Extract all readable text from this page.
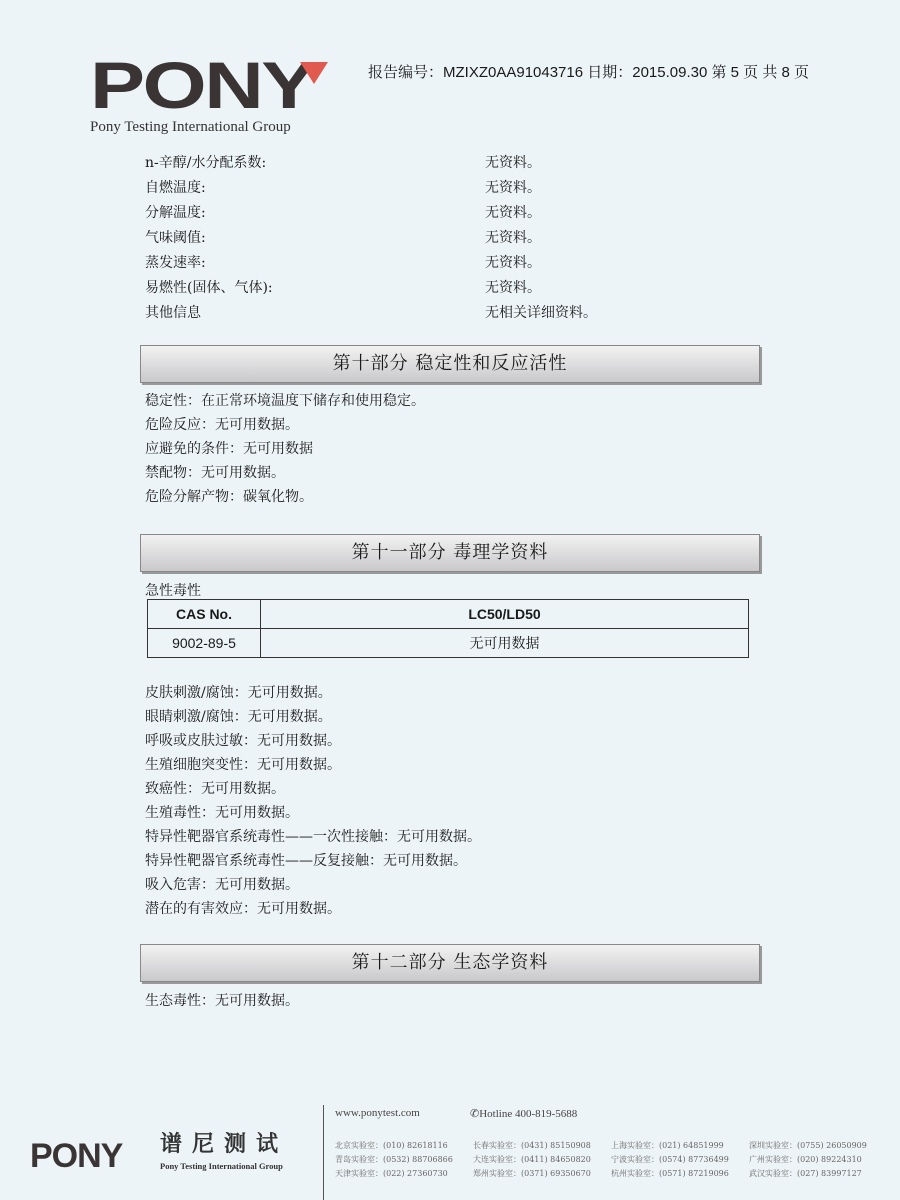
PONY
Pony Testing International Group
报告编号：MZIXZ0AA91043716 日期：2015.09.30 第 5 页 共 8 页
n-辛醇/水分配系数:	无资料。
自燃温度:	无资料。
分解温度:	无资料。
气味阈值:	无资料。
蒸发速率:	无资料。
易燃性(固体、气体):	无资料。
其他信息	无相关详细资料。
第十部分 稳定性和反应活性
稳定性：在正常环境温度下储存和使用稳定。
危险反应：无可用数据。
应避免的条件：无可用数据
禁配物：无可用数据。
危险分解产物：碳氧化物。
第十一部分 毒理学资料
急性毒性
CAS No.	LC50/LD50
9002-89-5	无可用数据
皮肤刺激/腐蚀：无可用数据。
眼睛刺激/腐蚀：无可用数据。
呼吸或皮肤过敏：无可用数据。
生殖细胞突变性：无可用数据。
致癌性：无可用数据。
生殖毒性：无可用数据。
特异性靶器官系统毒性——一次性接触：无可用数据。
特异性靶器官系统毒性——反复接触：无可用数据。
吸入危害：无可用数据。
潜在的有害效应：无可用数据。
第十二部分 生态学资料
生态毒性：无可用数据。
PONY 谱尼测试
Pony Testing International Group
www.ponytest.com	✆Hotline 400-819-5688
北京实验室：(010) 82618116	长春实验室：(0431) 85150908	上海实验室：(021) 64851999	深圳实验室：(0755) 26050909
青岛实验室：(0532) 88706866	大连实验室：(0411) 84650820	宁波实验室：(0574) 87736499	广州实验室：(020) 89224310
天津实验室：(022) 27360730	郑州实验室：(0371) 69350670	杭州实验室：(0571) 87219096	武汉实验室：(027) 83997127
